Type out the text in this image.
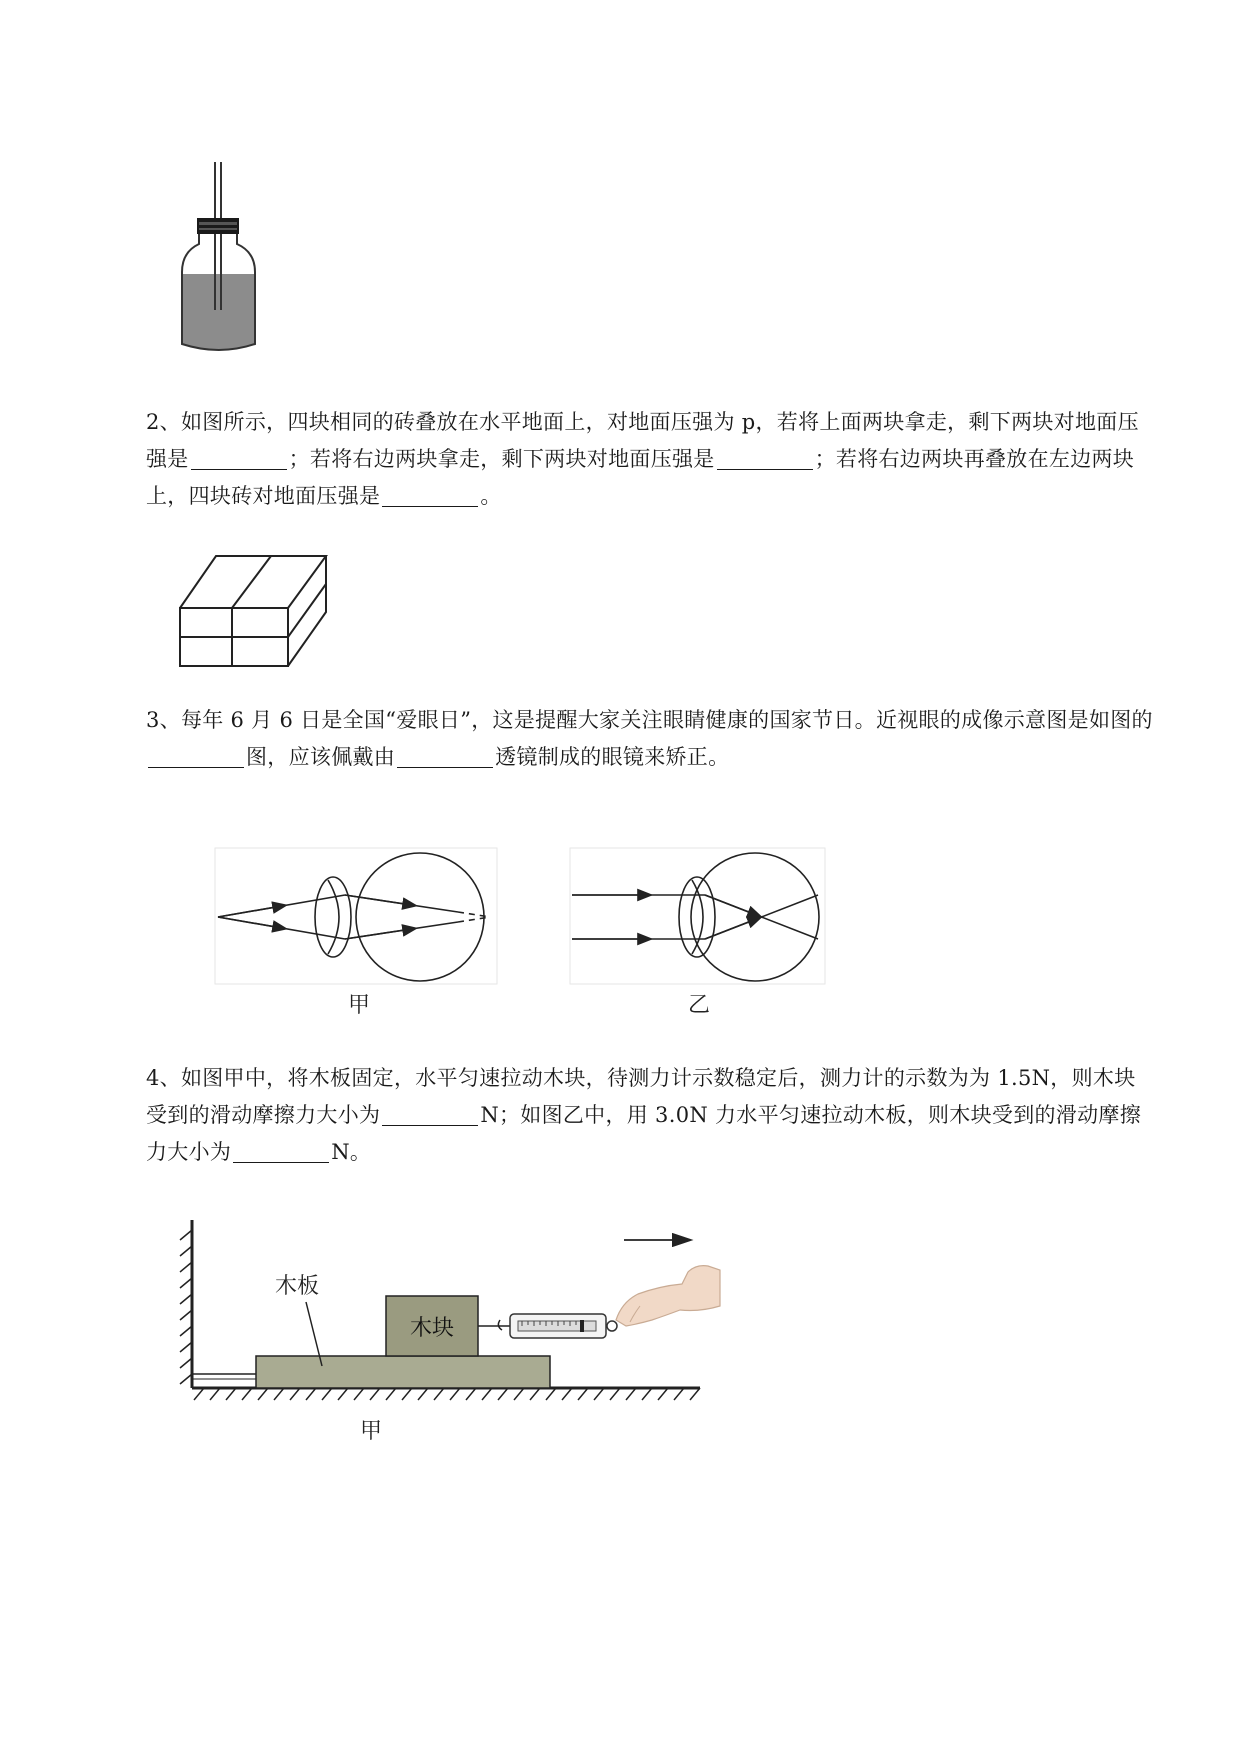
2、如图所示，四块相同的砖叠放在水平地面上，对地面压强为 p，若将上面两块拿走，剩下两块对地面压强是	；若将右边两块拿走，剩下两块对地面压强是	；若将右边两块再叠放在左边两块上，四块砖对地面压强是	。

3、每年 6 月 6 日是全国“爱眼日”，这是提醒大家关注眼睛健康的国家节日。近视眼的成像示意图是如图的图，应该佩戴由	透镜制成的眼镜来矫正。

甲	乙

4、如图甲中，将木板固定，水平匀速拉动木块，待测力计示数稳定后，测力计的示数为为 1.5N，则木块受到的滑动摩擦力大小为	N；如图乙中，用 3.0N 力水平匀速拉动木板，则木块受到的滑动摩擦力大小为	N。

木块
木板
甲
